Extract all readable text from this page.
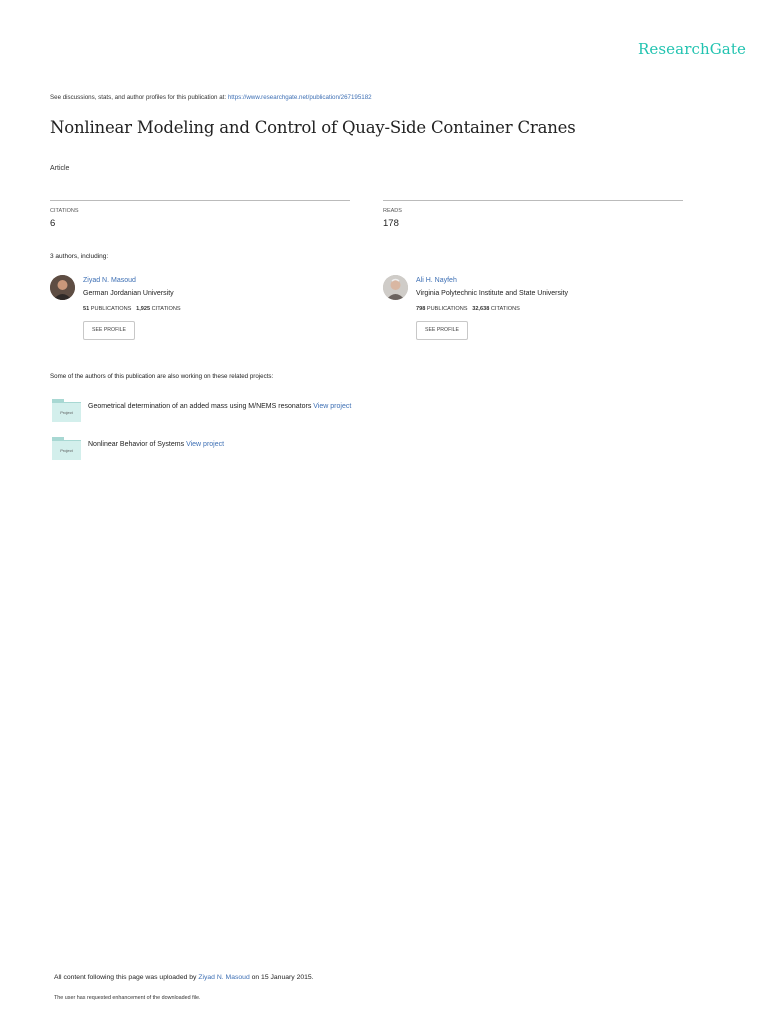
ResearchGate
See discussions, stats, and author profiles for this publication at: https://www.researchgate.net/publication/267195182
Nonlinear Modeling and Control of Quay-Side Container Cranes
Article
CITATIONS
6
READS
178
3 authors, including:
Ziyad N. Masoud
German Jordanian University
51 PUBLICATIONS 1,925 CITATIONS
SEE PROFILE
Ali H. Nayfeh
Virginia Polytechnic Institute and State University
798 PUBLICATIONS 32,638 CITATIONS
SEE PROFILE
Some of the authors of this publication are also working on these related projects:
Project
Geometrical determination of an added mass using M/NEMS resonators View project
Project
Nonlinear Behavior of Systems View project
All content following this page was uploaded by Ziyad N. Masoud on 15 January 2015.
The user has requested enhancement of the downloaded file.
